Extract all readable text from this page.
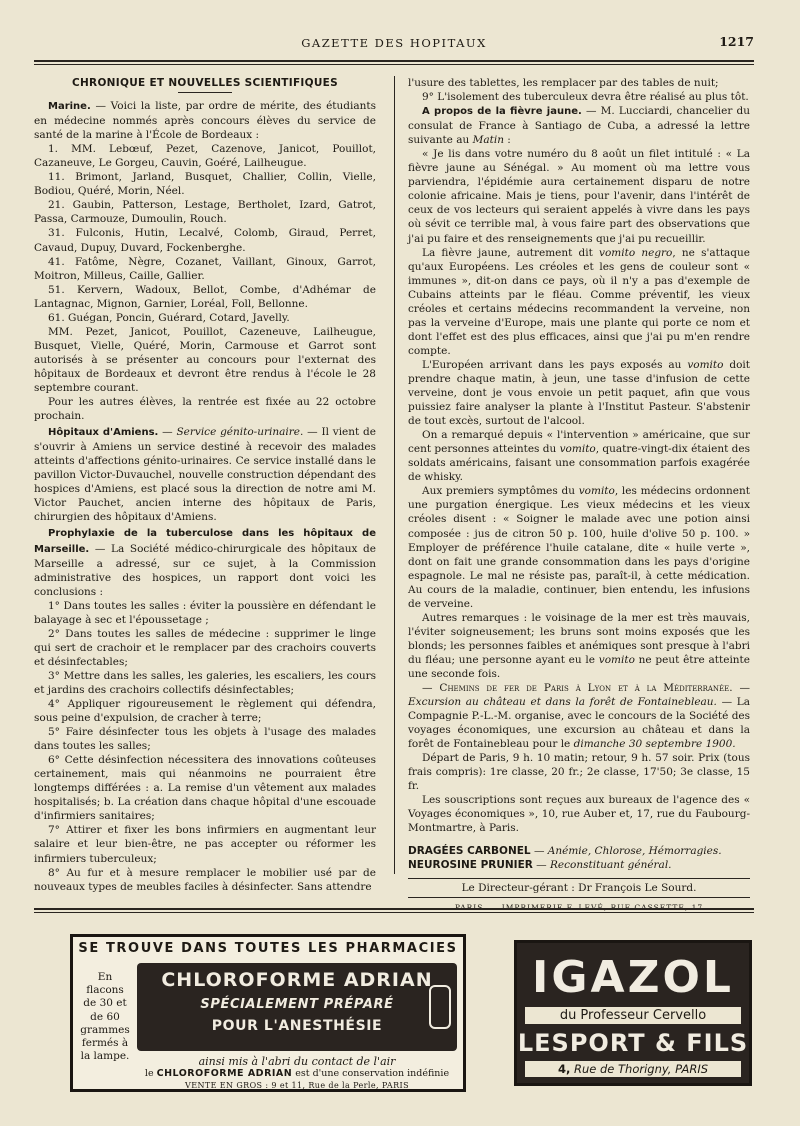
GAZETTE DES HOPITAUX	1217
CHRONIQUE ET NOUVELLES SCIENTIFIQUES

Marine. — Voici la liste, par ordre de mérite, des étudiants en médecine nommés après concours élèves du service de santé de la marine à l'École de Bordeaux :

1. MM. Lebœuf, Pezet, Cazenove, Janicot, Pouillot, Cazaneuve, Le Gorgeu, Cauvin, Goéré, Lailheugue.

11. Brimont, Jarland, Busquet, Challier, Collin, Vielle, Bodiou, Quéré, Morin, Néel.

21. Gaubin, Patterson, Lestage, Bertholet, Izard, Gatrot, Passa, Carmouze, Dumoulin, Rouch.

31. Fulconis, Hutin, Lecalvé, Colomb, Giraud, Perret, Cavaud, Dupuy, Duvard, Fockenberghe.

41. Fatôme, Nègre, Cozanet, Vaillant, Ginoux, Garrot, Moitron, Milleus, Caille, Gallier.

51. Kervern, Wadoux, Bellot, Combe, d'Adhémar de Lantagnac, Mignon, Garnier, Loréal, Foll, Bellonne.

61. Guégan, Poncin, Guérard, Cotard, Javelly.

MM. Pezet, Janicot, Pouillot, Cazeneuve, Lailheugue, Busquet, Vielle, Quéré, Morin, Carmouse et Garrot sont autorisés à se présenter au concours pour l'externat des hôpitaux de Bordeaux et devront être rendus à l'école le 28 septembre courant.

Pour les autres élèves, la rentrée est fixée au 22 octobre prochain.

Hôpitaux d'Amiens. — Service génito-urinaire. — Il vient de s'ouvrir à Amiens un service destiné à recevoir des malades atteints d'affections génito-urinaires. Ce service installé dans le pavillon Victor-Duvauchel, nouvelle construction dépendant des hospices d'Amiens, est placé sous la direction de notre ami M. Victor Pauchet, ancien interne des hôpitaux de Paris, chirurgien des hôpitaux d'Amiens.

Prophylaxie de la tuberculose dans les hôpitaux de Marseille. — La Société médico-chirurgicale des hôpitaux de Marseille a adressé, sur ce sujet, à la Commission administrative des hospices, un rapport dont voici les conclusions :

1° Dans toutes les salles : éviter la poussière en défendant le balayage à sec et l'époussetage ;

2° Dans toutes les salles de médecine : supprimer le linge qui sert de crachoir et le remplacer par des crachoirs couverts et désinfectables;

3° Mettre dans les salles, les galeries, les escaliers, les cours et jardins des crachoirs collectifs désinfectables;

4° Appliquer rigoureusement le règlement qui défendra, sous peine d'expulsion, de cracher à terre;

5° Faire désinfecter tous les objets à l'usage des malades dans toutes les salles;

6° Cette désinfection nécessitera des innovations coûteuses certainement, mais qui néanmoins ne pourraient être longtemps différées : a. La remise d'un vêtement aux malades hospitalisés; b. La création dans chaque hôpital d'une escouade d'infirmiers sanitaires;

7° Attirer et fixer les bons infirmiers en augmentant leur salaire et leur bien-être, ne pas accepter ou réformer les infirmiers tuberculeux;

8° Au fur et à mesure remplacer le mobilier usé par de nouveaux types de meubles faciles à désinfecter. Sans attendre

l'usure des tablettes, les remplacer par des tables de nuit;

9° L'isolement des tuberculeux devra être réalisé au plus tôt.

A propos de la fièvre jaune. — M. Lucciardi, chancelier du consulat de France à Santiago de Cuba, a adressé la lettre suivante au Matin :

« Je lis dans votre numéro du 8 août un filet intitulé : « La fièvre jaune au Sénégal. » Au moment où ma lettre vous parviendra, l'épidémie aura certainement disparu de notre colonie africaine. Mais je tiens, pour l'avenir, dans l'intérêt de ceux de vos lecteurs qui seraient appelés à vivre dans les pays où sévit ce terrible mal, à vous faire part des observations que j'ai pu faire et des renseignements que j'ai pu recueillir.

La fièvre jaune, autrement dit vomito negro, ne s'attaque qu'aux Européens. Les créoles et les gens de couleur sont « immunes », dit-on dans ce pays, où il n'y a pas d'exemple de Cubains atteints par le fléau. Comme préventif, les vieux créoles et certains médecins recommandent la verveine, non pas la verveine d'Europe, mais une plante qui porte ce nom et dont l'effet est des plus efficaces, ainsi que j'ai pu m'en rendre compte.

L'Européen arrivant dans les pays exposés au vomito doit prendre chaque matin, à jeun, une tasse d'infusion de cette verveine, dont je vous envoie un petit paquet, afin que vous puissiez faire analyser la plante à l'Institut Pasteur. S'abstenir de tout excès, surtout de l'alcool.

On a remarqué depuis « l'intervention » américaine, que sur cent personnes atteintes du vomito, quatre-vingt-dix étaient des soldats américains, faisant une consommation parfois exagérée de whisky.

Aux premiers symptômes du vomito, les médecins ordonnent une purgation énergique. Les vieux médecins et les vieux créoles disent : « Soigner le malade avec une potion ainsi composée : jus de citron 50 p. 100, huile d'olive 50 p. 100. » Employer de préférence l'huile catalane, dite « huile verte », dont on fait une grande consommation dans les pays d'origine espagnole. Le mal ne résiste pas, paraît-il, à cette médication. Au cours de la maladie, continuer, bien entendu, les infusions de verveine.

Autres remarques : le voisinage de la mer est très mauvais, l'éviter soigneusement; les bruns sont moins exposés que les blonds; les personnes faibles et anémiques sont presque à l'abri du fléau; une personne ayant eu le vomito ne peut être atteinte une seconde fois.

— Chemins de fer de Paris à Lyon et à la Méditerranée. — Excursion au château et dans la forêt de Fontainebleau. — La Compagnie P.-L.-M. organise, avec le concours de la Société des voyages économiques, une excursion au château et dans la forêt de Fontainebleau pour le dimanche 30 septembre 1900.

Départ de Paris, 9 h. 10 matin; retour, 9 h. 57 soir. Prix (tous frais compris): 1re classe, 20 fr.; 2e classe, 17'50; 3e classe, 15 fr.

Les souscriptions sont reçues aux bureaux de l'agence des « Voyages économiques », 10, rue Auber et, 17, rue du Faubourg-Montmartre, à Paris.

DRAGÉES CARBONEL — Anémie, Chlorose, Hémorragies.

NEUROSINE PRUNIER — Reconstituant général.

Le Directeur-gérant : Dr François Le Sourd.

PARIS. — IMPRIMERIE F. LEVÉ, RUE CASSETTE, 17

SE TROUVE DANS TOUTES LES PHARMACIES
En flacons de 30 et de 60 grammes fermés à la lampe.
CHLOROFORME ADRIAN
SPÉCIALEMENT PRÉPARÉ
POUR L'ANESTHÉSIE
ainsi mis à l'abri du contact de l'air
le CHLOROFORME ADRIAN est d'une conservation indéfinie
VENTE EN GROS : 9 et 11, Rue de la Perle, PARIS
IGAZOL
du Professeur Cervello
LESPORT & FILS
4, Rue de Thorigny, PARIS
